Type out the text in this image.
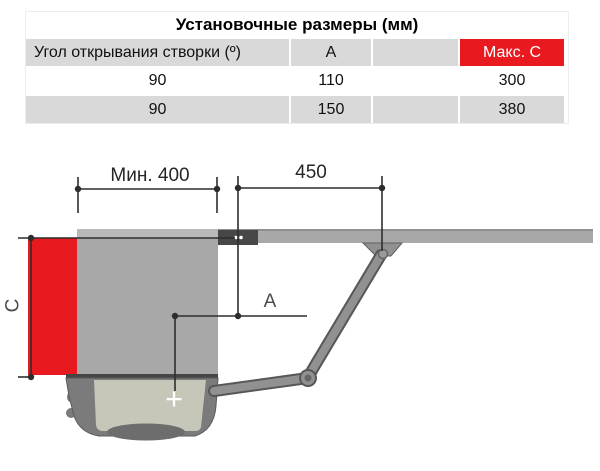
Установочные размеры (мм)
Угол открывания створки (º)	A	Макс. C
90	110	300
90	150	380
Мин. 400	450
A
C
+
